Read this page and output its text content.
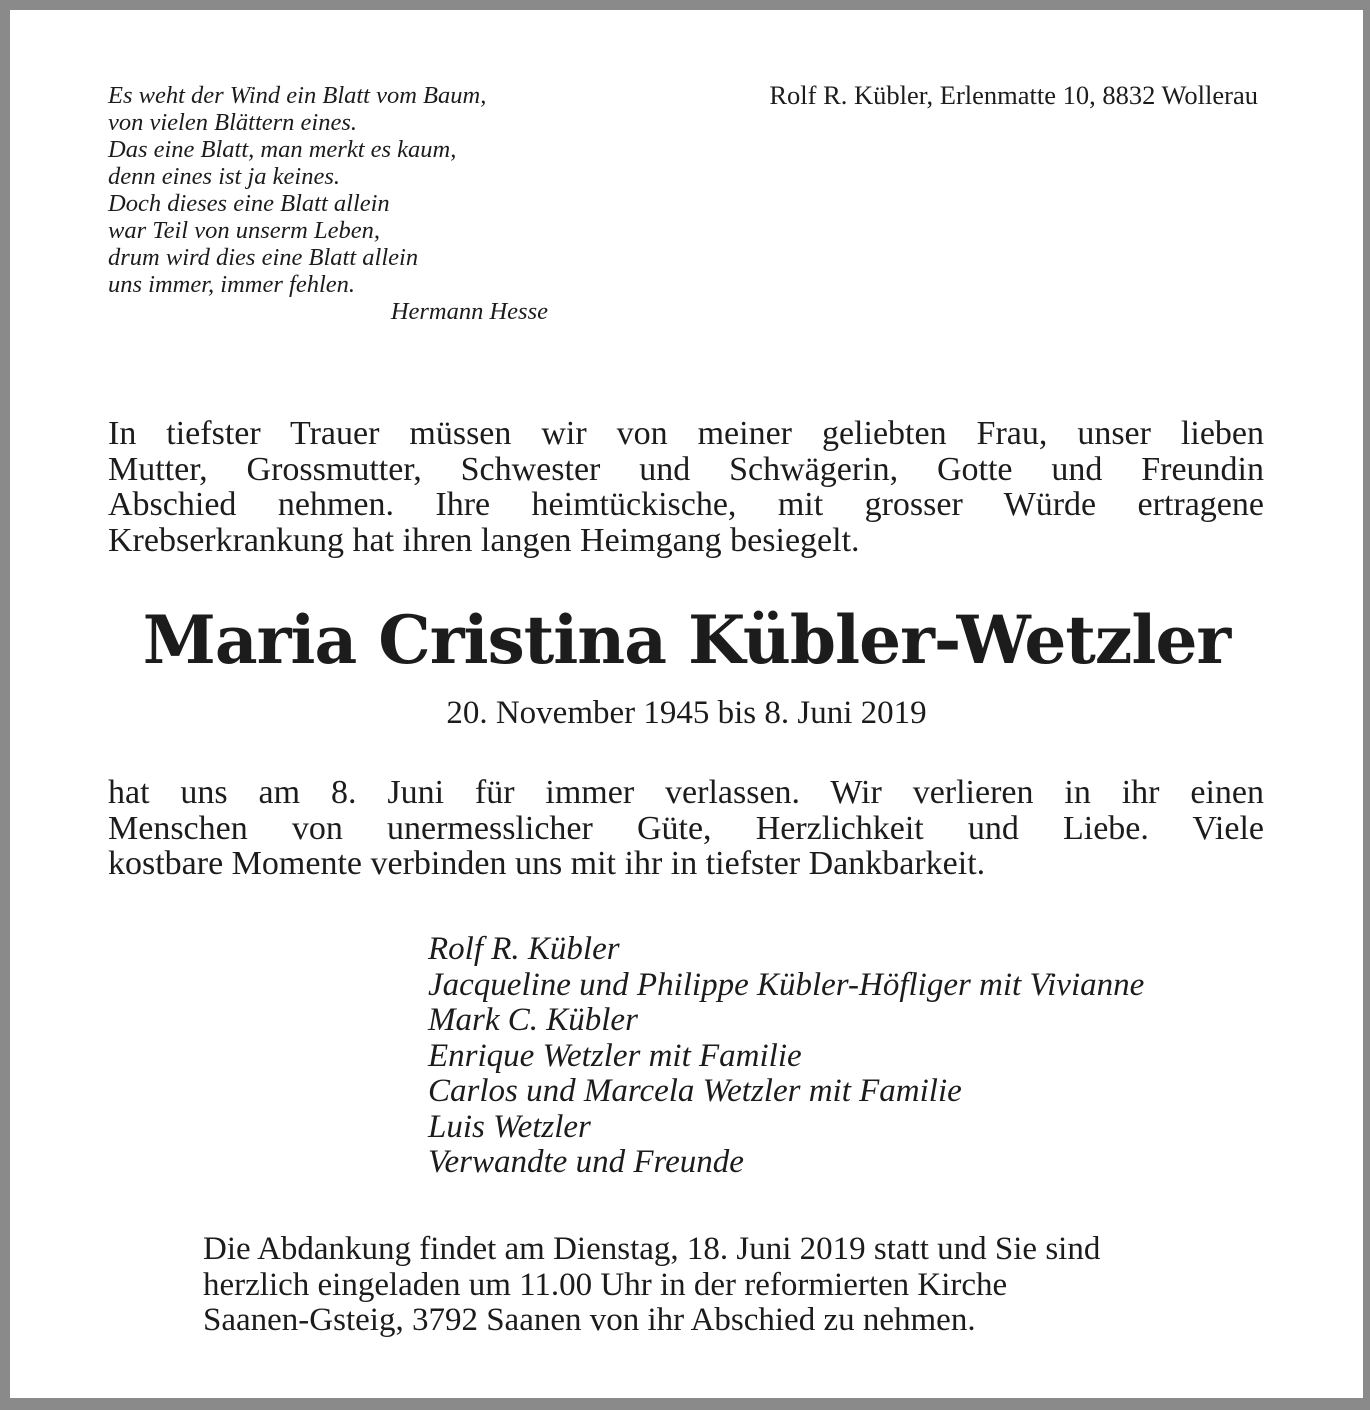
Es weht der Wind ein Blatt vom Baum,
von vielen Blättern eines.
Das eine Blatt, man merkt es kaum,
denn eines ist ja keines.
Doch dieses eine Blatt allein
war Teil von unserm Leben,
drum wird dies eine Blatt allein
uns immer, immer fehlen.
Hermann Hesse
Rolf R. Kübler, Erlenmatte 10, 8832 Wollerau
In tiefster Trauer müssen wir von meiner geliebten Frau, unser lieben
Mutter, Grossmutter, Schwester und Schwägerin, Gotte und Freundin
Abschied nehmen. Ihre heimtückische, mit grosser Würde ertragene
Krebserkrankung hat ihren langen Heimgang besiegelt.
Maria Cristina Kübler-Wetzler
20. November 1945 bis 8. Juni 2019
hat uns am 8. Juni für immer verlassen. Wir verlieren in ihr einen
Menschen von unermesslicher Güte, Herzlichkeit und Liebe. Viele
kostbare Momente verbinden uns mit ihr in tiefster Dankbarkeit.
Rolf R. Kübler
Jacqueline und Philippe Kübler-Höfliger mit Vivianne
Mark C. Kübler
Enrique Wetzler mit Familie
Carlos und Marcela Wetzler mit Familie
Luis Wetzler
Verwandte und Freunde
Die Abdankung findet am Dienstag, 18. Juni 2019 statt und Sie sind
herzlich eingeladen um 11.00 Uhr in der reformierten Kirche
Saanen-Gsteig, 3792 Saanen von ihr Abschied zu nehmen.
